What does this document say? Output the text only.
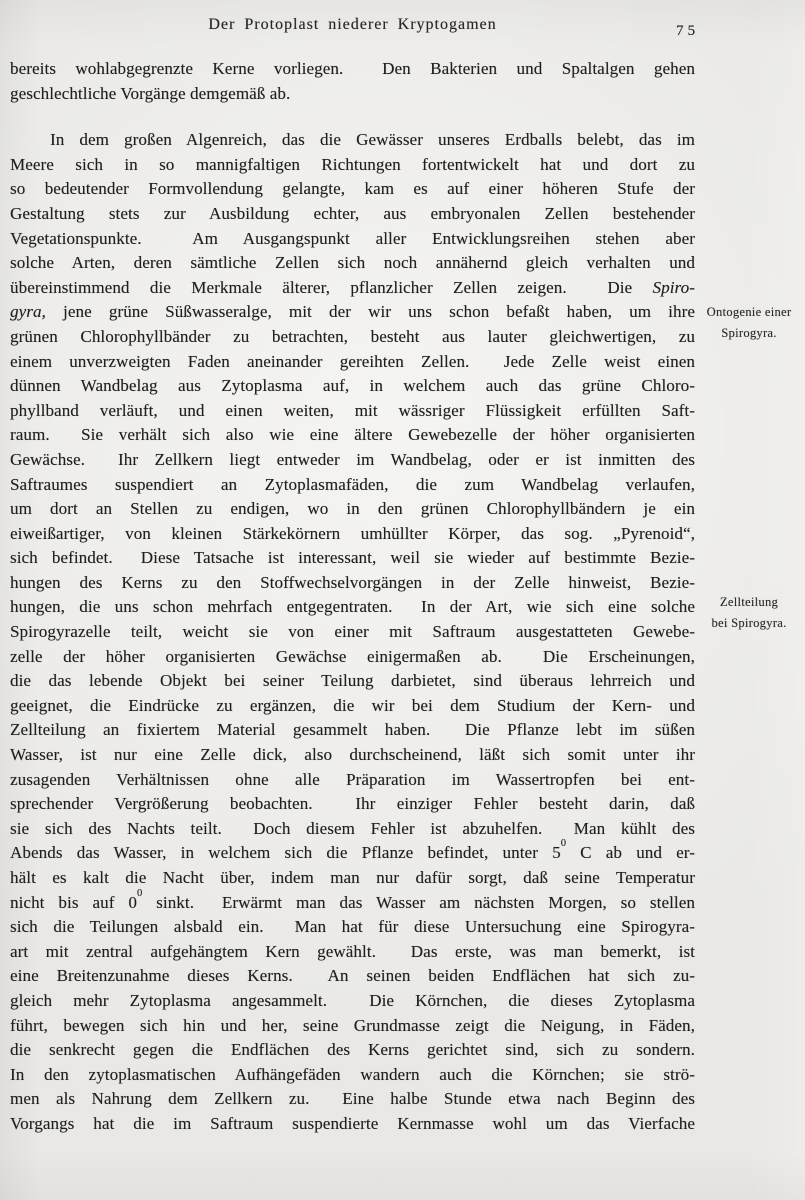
Der Protoplast niederer Kryptogamen	75
bereits wohlabgegrenzte Kerne vorliegen.  Den Bakterien und Spaltalgen gehen
geschlechtliche Vorgänge demgemäß ab.
In dem großen Algenreich, das die Gewässer unseres Erdballs belebt, das im
Meere sich in so mannigfaltigen Richtungen fortentwickelt hat und dort zu
so bedeutender Formvollendung gelangte, kam es auf einer höheren Stufe der
Gestaltung stets zur Ausbildung echter, aus embryonalen Zellen bestehender
Vegetationspunkte.  Am Ausgangspunkt aller Entwicklungsreihen stehen aber
solche Arten, deren sämtliche Zellen sich noch annähernd gleich verhalten und
übereinstimmend die Merkmale älterer, pflanzlicher Zellen zeigen.  Die Spiro-
gyra, jene grüne Süßwasseralge, mit der wir uns schon befaßt haben, um ihre
grünen Chlorophyllbänder zu betrachten, besteht aus lauter gleichwertigen, zu
einem unverzweigten Faden aneinander gereihten Zellen.  Jede Zelle weist einen
dünnen Wandbelag aus Zytoplasma auf, in welchem auch das grüne Chloro-
phyllband verläuft, und einen weiten, mit wässriger Flüssigkeit erfüllten Saft-
raum.  Sie verhält sich also wie eine ältere Gewebezelle der höher organisierten
Gewächse.  Ihr Zellkern liegt entweder im Wandbelag, oder er ist inmitten des
Saftraumes suspendiert an Zytoplasmafäden, die zum Wandbelag verlaufen,
um dort an Stellen zu endigen, wo in den grünen Chlorophyllbändern je ein
eiweißartiger, von kleinen Stärkekörnern umhüllter Körper, das sog. „Pyrenoid“,
sich befindet.  Diese Tatsache ist interessant, weil sie wieder auf bestimmte Bezie-
hungen des Kerns zu den Stoffwechselvorgängen in der Zelle hinweist, Bezie-
hungen, die uns schon mehrfach entgegentraten.  In der Art, wie sich eine solche
Spirogyrazelle teilt, weicht sie von einer mit Saftraum ausgestatteten Gewebe-
zelle der höher organisierten Gewächse einigermaßen ab.  Die Erscheinungen,
die das lebende Objekt bei seiner Teilung darbietet, sind überaus lehrreich und
geeignet, die Eindrücke zu ergänzen, die wir bei dem Studium der Kern- und
Zellteilung an fixiertem Material gesammelt haben.  Die Pflanze lebt im süßen
Wasser, ist nur eine Zelle dick, also durchscheinend, läßt sich somit unter ihr
zusagenden Verhältnissen ohne alle Präparation im Wassertropfen bei ent-
sprechender Vergrößerung beobachten.  Ihr einziger Fehler besteht darin, daß
sie sich des Nachts teilt.  Doch diesem Fehler ist abzuhelfen.  Man kühlt des
Abends das Wasser, in welchem sich die Pflanze befindet, unter $5^0$ C ab und er-
hält es kalt die Nacht über, indem man nur dafür sorgt, daß seine Temperatur
nicht bis auf $0^0$ sinkt.  Erwärmt man das Wasser am nächsten Morgen, so stellen
sich die Teilungen alsbald ein.  Man hat für diese Untersuchung eine Spirogyra-
art mit zentral aufgehängtem Kern gewählt.  Das erste, was man bemerkt, ist
eine Breitenzunahme dieses Kerns.  An seinen beiden Endflächen hat sich zu-
gleich mehr Zytoplasma angesammelt.  Die Körnchen, die dieses Zytoplasma
führt, bewegen sich hin und her, seine Grundmasse zeigt die Neigung, in Fäden,
die senkrecht gegen die Endflächen des Kerns gerichtet sind, sich zu sondern.
In den zytoplasmatischen Aufhängefäden wandern auch die Körnchen; sie strö-
men als Nahrung dem Zellkern zu.  Eine halbe Stunde etwa nach Beginn des
Vorgangs hat die im Saftraum suspendierte Kernmasse wohl um das Vierfache
Ontogenie einer
Spirogyra.
Zellteilung
bei Spirogyra.
